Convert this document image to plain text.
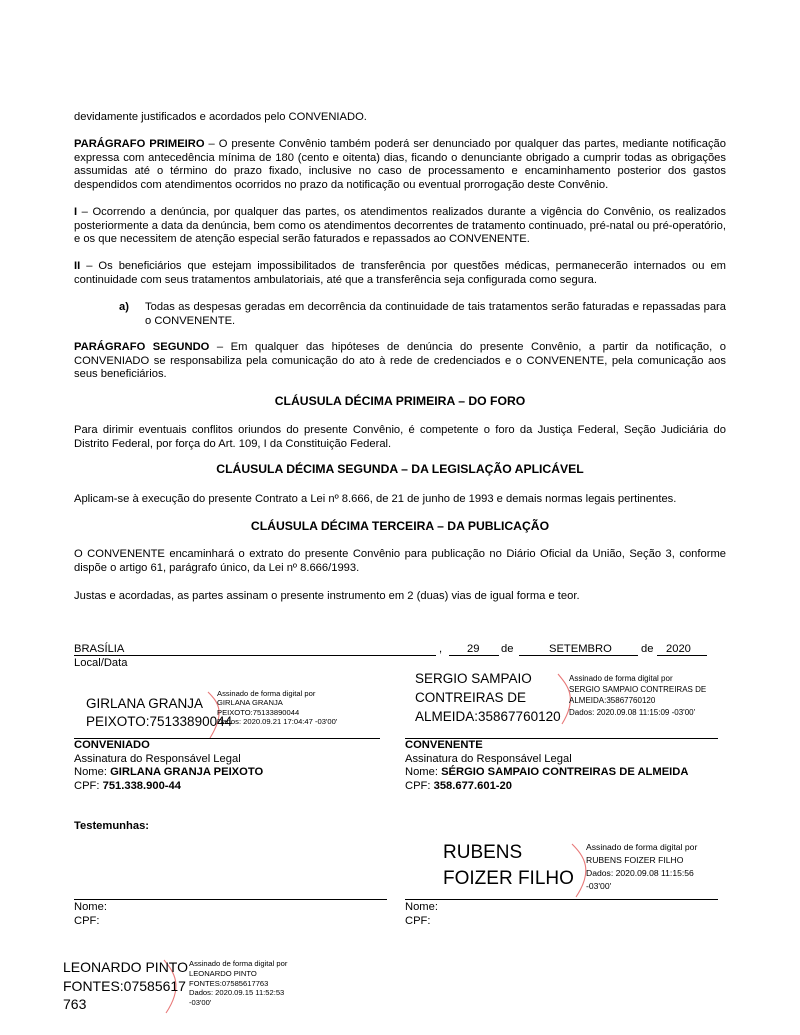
devidamente justificados e acordados pelo CONVENIADO.
PARÁGRAFO PRIMEIRO – O presente Convênio também poderá ser denunciado por qualquer das partes, mediante notificação expressa com antecedência mínima de 180 (cento e oitenta) dias, ficando o denunciante obrigado a cumprir todas as obrigações assumidas até o término do prazo fixado, inclusive no caso de processamento e encaminhamento posterior dos gastos despendidos com atendimentos ocorridos no prazo da notificação ou eventual prorrogação deste Convênio.
I – Ocorrendo a denúncia, por qualquer das partes, os atendimentos realizados durante a vigência do Convênio, os realizados posteriormente a data da denúncia, bem como os atendimentos decorrentes de tratamento continuado, pré-natal ou pré-operatório, e os que necessitem de atenção especial serão faturados e repassados ao CONVENENTE.
II – Os beneficiários que estejam impossibilitados de transferência por questões médicas, permanecerão internados ou em continuidade com seus tratamentos ambulatoriais, até que a transferência seja configurada como segura.
a) Todas as despesas geradas em decorrência da continuidade de tais tratamentos serão faturadas e repassadas para o CONVENENTE.
PARÁGRAFO SEGUNDO – Em qualquer das hipóteses de denúncia do presente Convênio, a partir da notificação, o CONVENIADO se responsabiliza pela comunicação do ato à rede de credenciados e o CONVENENTE, pela comunicação aos seus beneficiários.
CLÁUSULA DÉCIMA PRIMEIRA – DO FORO
Para dirimir eventuais conflitos oriundos do presente Convênio, é competente o foro da Justiça Federal, Seção Judiciária do Distrito Federal, por força do Art. 109, I da Constituição Federal.
CLÁUSULA DÉCIMA SEGUNDA – DA LEGISLAÇÃO APLICÁVEL
Aplicam-se à execução do presente Contrato a Lei nº 8.666, de 21 de junho de 1993 e demais normas legais pertinentes.
CLÁUSULA DÉCIMA TERCEIRA – DA PUBLICAÇÃO
O CONVENENTE encaminhará o extrato do presente Convênio para publicação no Diário Oficial da União, Seção 3, conforme dispõe o artigo 61, parágrafo único, da Lei nº 8.666/1993.
Justas e acordadas, as partes assinam o presente instrumento em 2 (duas) vias de igual forma e teor.
BRASÍLIA	, 29 de	SETEMBRO	de 2020
Local/Data
GIRLANA GRANJA
PEIXOTO:75133890044
Assinado de forma digital por
GIRLANA GRANJA
PEIXOTO:75133890044
Dados: 2020.09.21 17:04:47 -03'00'
SERGIO SAMPAIO
CONTREIRAS DE
ALMEIDA:35867760120
Assinado de forma digital por
SERGIO SAMPAIO CONTREIRAS DE
ALMEIDA:35867760120
Dados: 2020.09.08 11:15:09 -03'00'
CONVENIADO
Assinatura do Responsável Legal
Nome: GIRLANA GRANJA PEIXOTO
CPF: 751.338.900-44
CONVENENTE
Assinatura do Responsável Legal
Nome: SÉRGIO SAMPAIO CONTREIRAS DE ALMEIDA
CPF: 358.677.601-20
Testemunhas:
RUBENS
FOIZER FILHO
Assinado de forma digital por
RUBENS FOIZER FILHO
Dados: 2020.09.08 11:15:56
-03'00'
Nome:
CPF:
Nome:
CPF:
LEONARDO PINTO
FONTES:07585617
763
Assinado de forma digital por
LEONARDO PINTO
FONTES:07585617763
Dados: 2020.09.15 11:52:53
-03'00'
